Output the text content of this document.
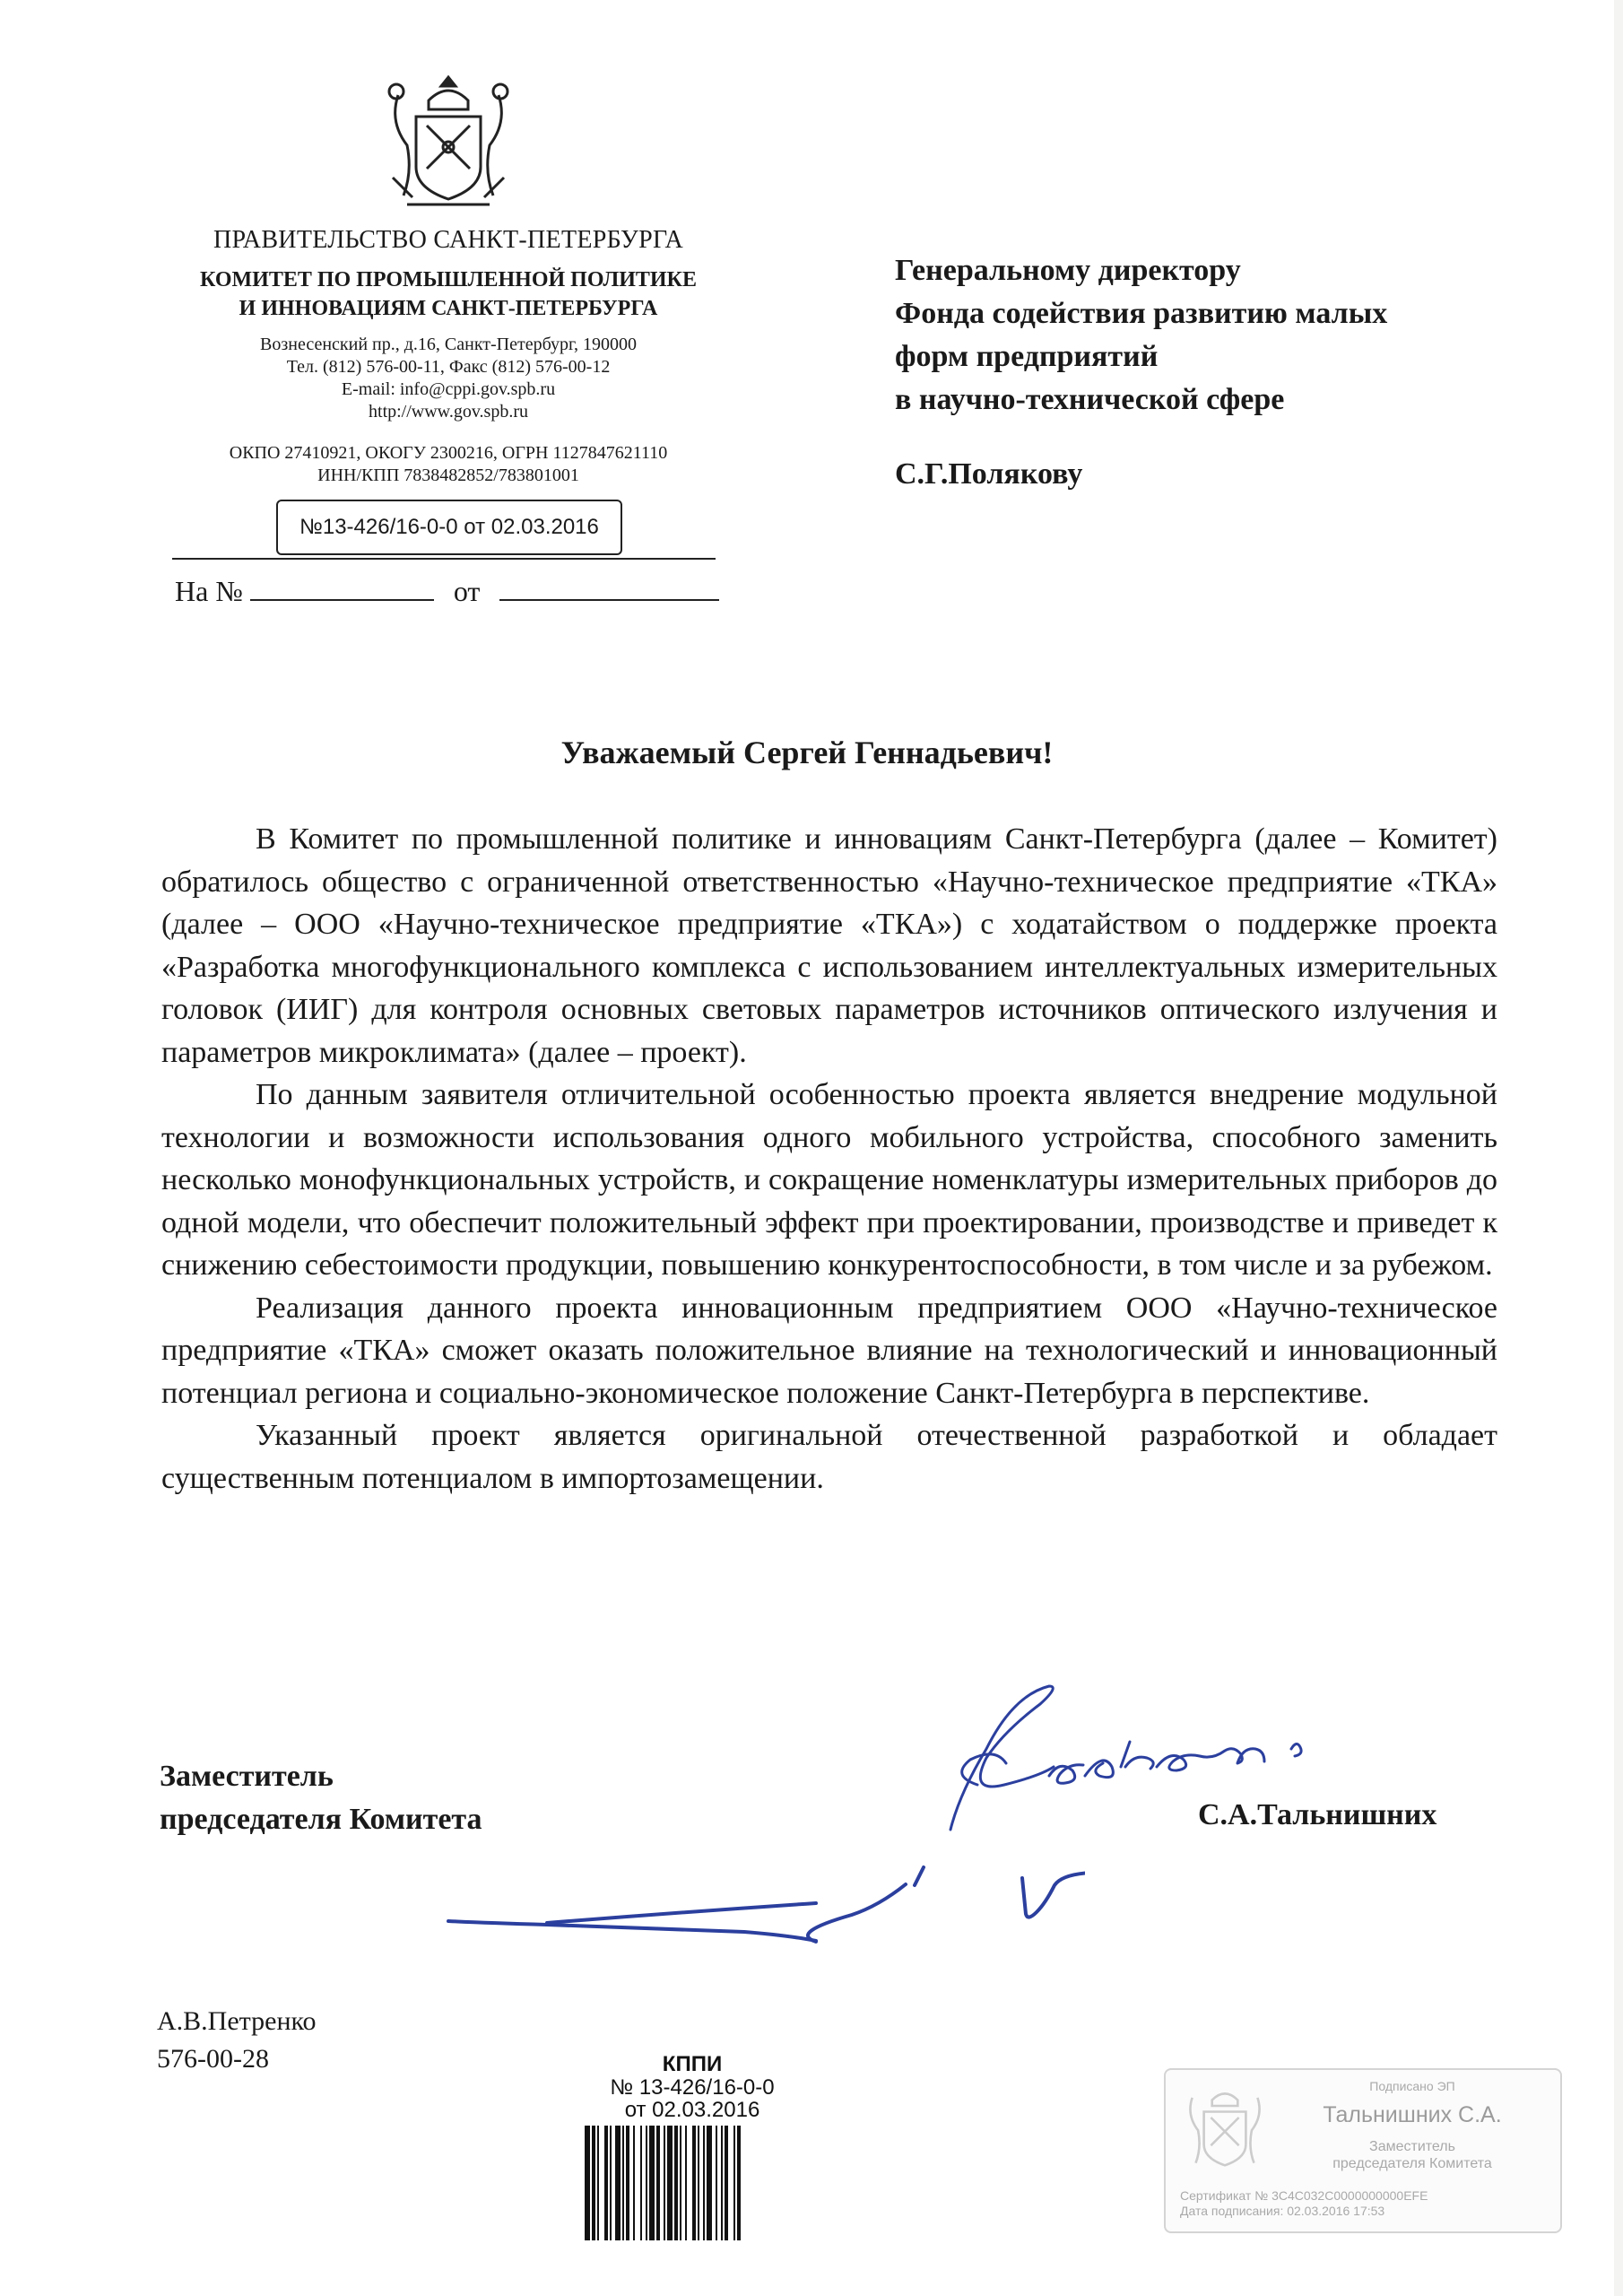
ПРАВИТЕЛЬСТВО САНКТ-ПЕТЕРБУРГА
КОМИТЕТ ПО ПРОМЫШЛЕННОЙ ПОЛИТИКЕ
И ИННОВАЦИЯМ САНКТ-ПЕТЕРБУРГА
Вознесенский пр., д.16, Санкт-Петербург, 190000
Тел. (812) 576-00-11, Факс (812) 576-00-12
E-mail: info@cppi.gov.spb.ru
http://www.gov.spb.ru
ОКПО 27410921, ОКОГУ 2300216, ОГРН 1127847621110
ИНН/КПП 7838482852/783801001
№13-426/16-0-0 от 02.03.2016
На №	от
Генеральному директору
Фонда содействия развитию малых
форм предприятий
в научно-технической сфере
С.Г.Полякову
Уважаемый Сергей Геннадьевич!

В Комитет по промышленной политике и инновациям Санкт-Петербурга (далее – Комитет) обратилось общество с ограниченной ответственностью «Научно-техническое предприятие «ТКА» (далее – ООО «Научно-техническое предприятие «ТКА») с ходатайством о поддержке проекта «Разработка многофункционального комплекса с использованием интеллектуальных измерительных головок (ИИГ) для контроля основных световых параметров источников оптического излучения и параметров микроклимата» (далее – проект).

По данным заявителя отличительной особенностью проекта является внедрение модульной технологии и возможности использования одного мобильного устройства, способного заменить несколько монофункциональных устройств, и сокращение номенклатуры измерительных приборов до одной модели, что обеспечит положительный эффект при проектировании, производстве и приведет к снижению себестоимости продукции, повышению конкурентоспособности, в том числе и за рубежом.

Реализация данного проекта инновационным предприятием ООО «Научно-техническое предприятие «ТКА» сможет оказать положительное влияние на технологический и инновационный потенциал региона и социально-экономическое положение Санкт-Петербурга в перспективе.

Указанный проект является оригинальной отечественной разработкой и обладает существенным потенциалом в импортозамещении.

Заместитель
председателя Комитета	С.А.Тальнишних
А.В.Петренко
576-00-28	КППИ
№ 13-426/16-0-0
от 02.03.2016
Подписано ЭП
Тальнишних С.А.
Заместитель
председателя Комитета
Сертификат № 3C4C032C0000000000EFE
Дата подписания: 02.03.2016 17:53
